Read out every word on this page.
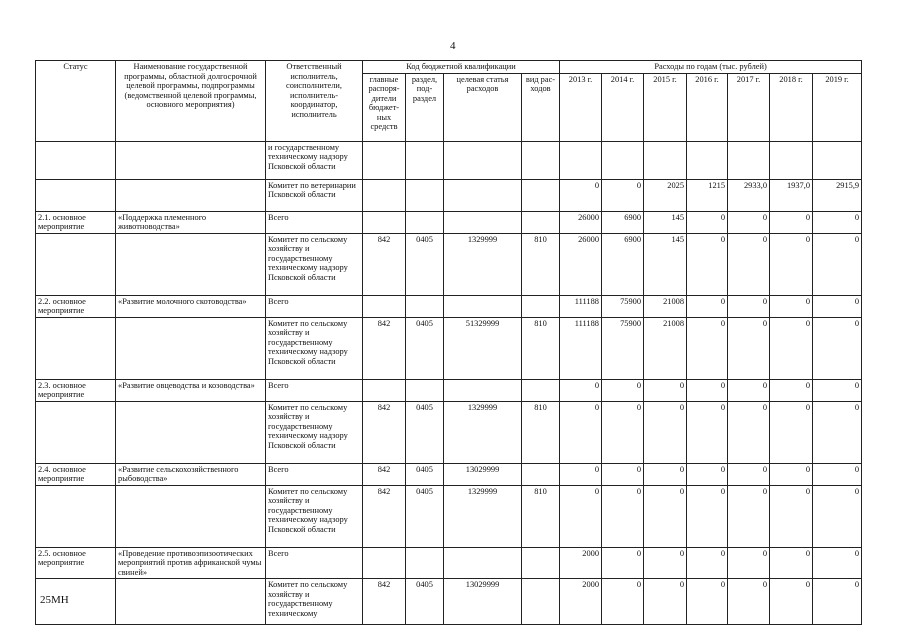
4
Статус	Наименование государственной программы, областной долгосрочной целевой программы, подпрограммы (ведомственной целевой программы, основного мероприятия)	Ответственный исполнитель, соисполнители, исполнитель-координатор, исполнитель	Код бюджетной квалификации				Расходы по годам (тыс. рублей)						
			главные распоря-дители бюджет-ных средств	раздел, под-раздел	целевая статья расходов	вид рас-ходов	2013 г.	2014 г.	2015 г.	2016 г.	2017 г.	2018 г.	2019 г.
		и государственному техническому надзору Псковской области											
		Комитет по ветеринарии Псковской области					0	0	2025	1215	2933,0	1937,0	2915,9
2.1. основное мероприятие	«Поддержка племенного животноводства»	Всего					26000	6900	145	0	0	0	0
		Комитет по сельскому хозяйству и государственному техническому надзору Псковской области	842	0405	1329999	810	26000	6900	145	0	0	0	0
2.2. основное мероприятие	«Развитие молочного скотоводства»	Всего					111188	75900	21008	0	0	0	0
		Комитет по сельскому хозяйству и государственному техническому надзору Псковской области	842	0405	51329999	810	111188	75900	21008	0	0	0	0
2.3. основное мероприятие	«Развитие овцеводства и козоводства»	Всего					0	0	0	0	0	0	0
		Комитет по сельскому хозяйству и государственному техническому надзору Псковской области	842	0405	1329999	810	0	0	0	0	0	0	0
2.4. основное мероприятие	«Развитие сельскохозяйственного рыбоводства»	Всего	842	0405	13029999		0	0	0	0	0	0	0
		Комитет по сельскому хозяйству и государственному техническому надзору Псковской области	842	0405	1329999	810	0	0	0	0	0	0	0
2.5. основное мероприятие	«Проведение противоэпизоотических мероприятий против африканской чумы свиней»	Всего					2000	0	0	0	0	0	0
		Комитет по сельскому хозяйству и государственному техническому	842	0405	13029999		2000	0	0	0	0	0	0
25МН
